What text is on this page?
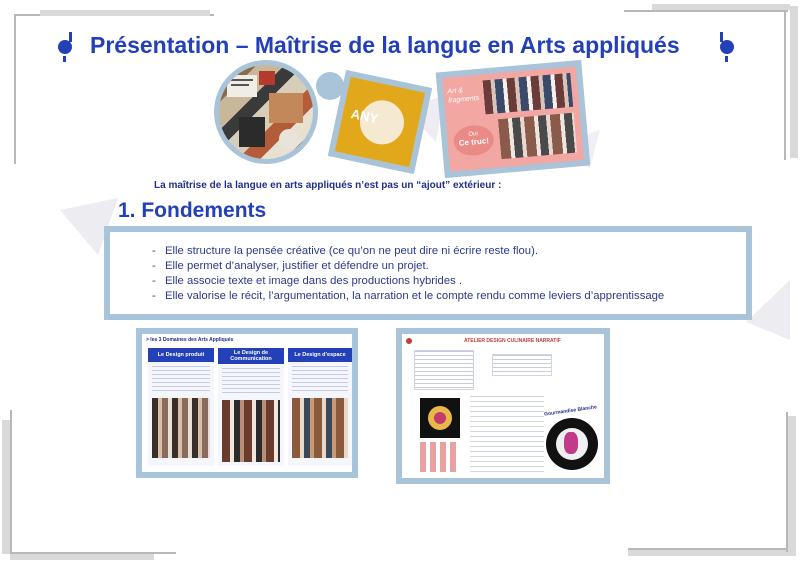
Présentation – Maîtrise de la langue en Arts appliqués
ANY
Art & fragments
Oui
Ce truc!
La maîtrise de la langue en arts appliqués n’est pas un “ajout” extérieur :
1. Fondements
- Elle structure la pensée créative (ce qu’on ne peut dire ni écrire reste flou).
- Elle permet d’analyser, justifier et défendre un projet.
- Elle associe texte et image dans des productions hybrides .
- Elle valorise le récit, l’argumentation, la narration et le compte rendu comme leviers d’apprentissage
> les 3 Domaines des Arts Appliqués
Le Design produit	Le Design de Communication
Le Design d’espace
ATELIER DESIGN CULINAIRE NARRATIF
Gourmandise Blanche
